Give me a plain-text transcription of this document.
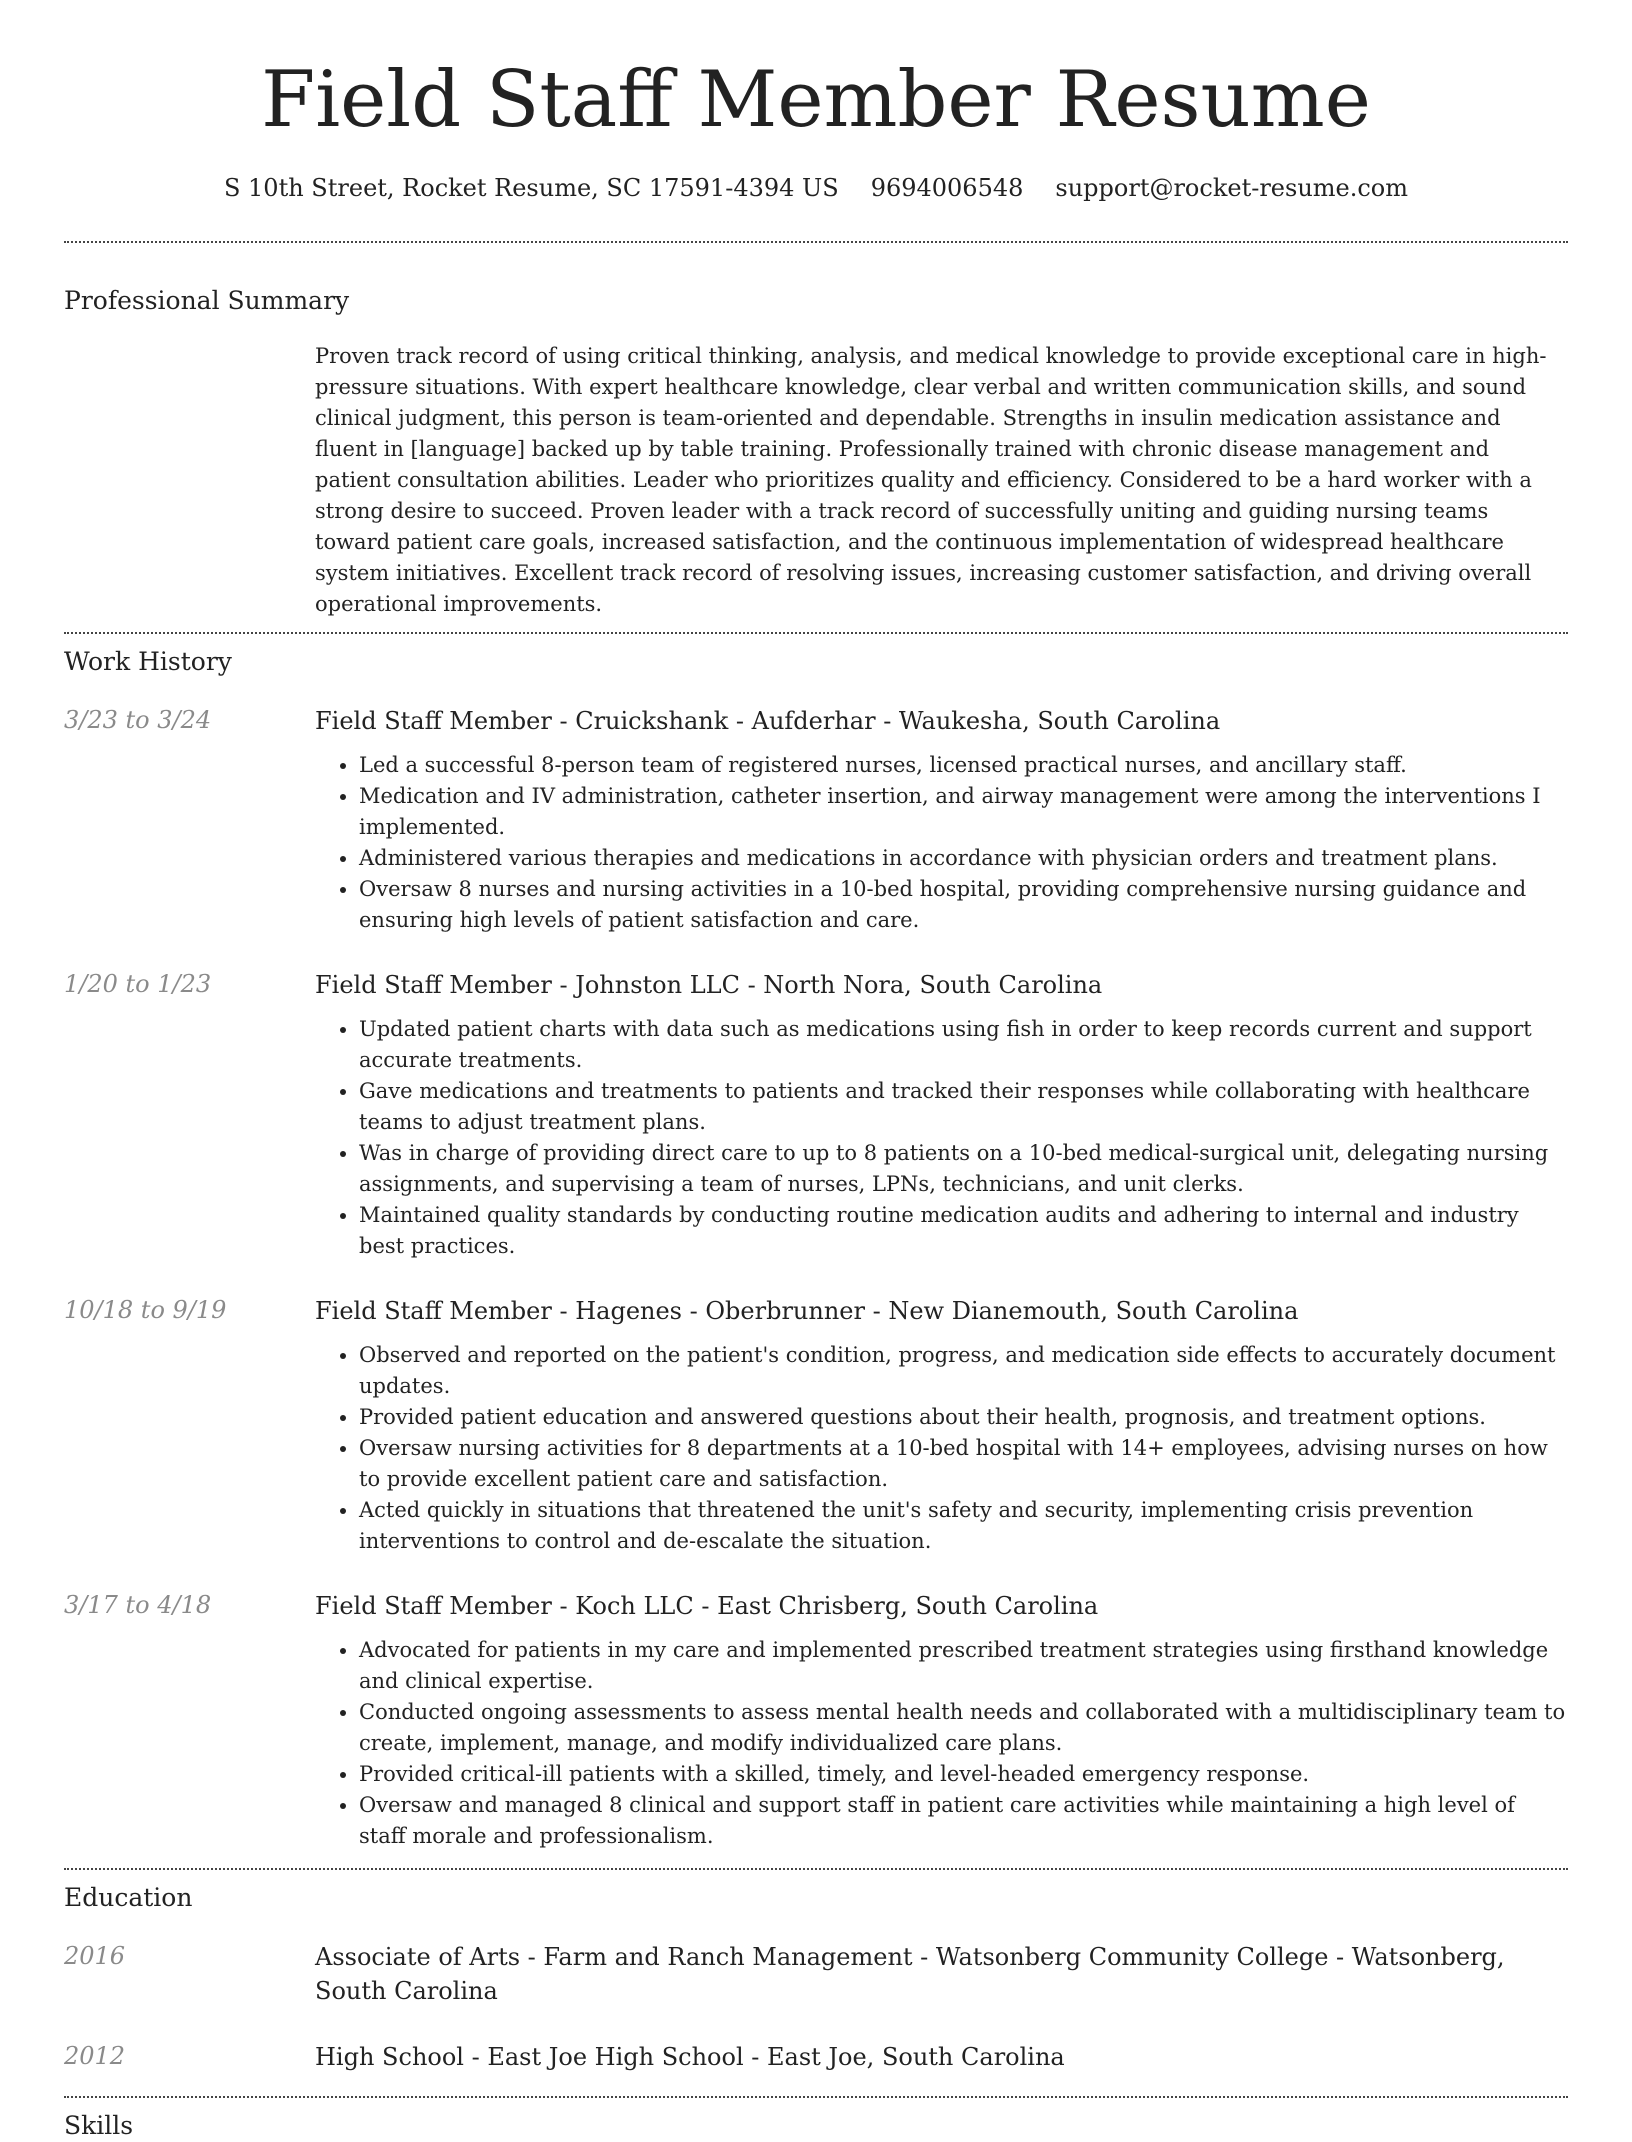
Field Staff Member Resume
S 10th Street, Rocket Resume, SC 17591-4394 US 9694006548 support@rocket-resume.com
Professional Summary
Proven track record of using critical thinking, analysis, and medical knowledge to provide exceptional care in high-pressure situations. With expert healthcare knowledge, clear verbal and written communication skills, and sound clinical judgment, this person is team-oriented and dependable. Strengths in insulin medication assistance and fluent in [language] backed up by table training. Professionally trained with chronic disease management and patient consultation abilities. Leader who prioritizes quality and efficiency. Considered to be a hard worker with a strong desire to succeed. Proven leader with a track record of successfully uniting and guiding nursing teams toward patient care goals, increased satisfaction, and the continuous implementation of widespread healthcare system initiatives. Excellent track record of resolving issues, increasing customer satisfaction, and driving overall operational improvements.
Work History
3/23 to 3/24	Field Staff Member - Cruickshank - Aufderhar - Waukesha, South Carolina
• Led a successful 8-person team of registered nurses, licensed practical nurses, and ancillary staff.
• Medication and IV administration, catheter insertion, and airway management were among the interventions I implemented.
• Administered various therapies and medications in accordance with physician orders and treatment plans.
• Oversaw 8 nurses and nursing activities in a 10-bed hospital, providing comprehensive nursing guidance and ensuring high levels of patient satisfaction and care.
1/20 to 1/23	Field Staff Member - Johnston LLC - North Nora, South Carolina
• Updated patient charts with data such as medications using fish in order to keep records current and support accurate treatments.
• Gave medications and treatments to patients and tracked their responses while collaborating with healthcare teams to adjust treatment plans.
• Was in charge of providing direct care to up to 8 patients on a 10-bed medical-surgical unit, delegating nursing assignments, and supervising a team of nurses, LPNs, technicians, and unit clerks.
• Maintained quality standards by conducting routine medication audits and adhering to internal and industry best practices.
10/18 to 9/19	Field Staff Member - Hagenes - Oberbrunner - New Dianemouth, South Carolina
• Observed and reported on the patient's condition, progress, and medication side effects to accurately document updates.
• Provided patient education and answered questions about their health, prognosis, and treatment options.
• Oversaw nursing activities for 8 departments at a 10-bed hospital with 14+ employees, advising nurses on how to provide excellent patient care and satisfaction.
• Acted quickly in situations that threatened the unit's safety and security, implementing crisis prevention interventions to control and de-escalate the situation.
3/17 to 4/18	Field Staff Member - Koch LLC - East Chrisberg, South Carolina
• Advocated for patients in my care and implemented prescribed treatment strategies using firsthand knowledge and clinical expertise.
• Conducted ongoing assessments to assess mental health needs and collaborated with a multidisciplinary team to create, implement, manage, and modify individualized care plans.
• Provided critical-ill patients with a skilled, timely, and level-headed emergency response.
• Oversaw and managed 8 clinical and support staff in patient care activities while maintaining a high level of staff morale and professionalism.
Education
2016	Associate of Arts - Farm and Ranch Management - Watsonberg Community College - Watsonberg, South Carolina
2012	High School - East Joe High School - East Joe, South Carolina
Skills
